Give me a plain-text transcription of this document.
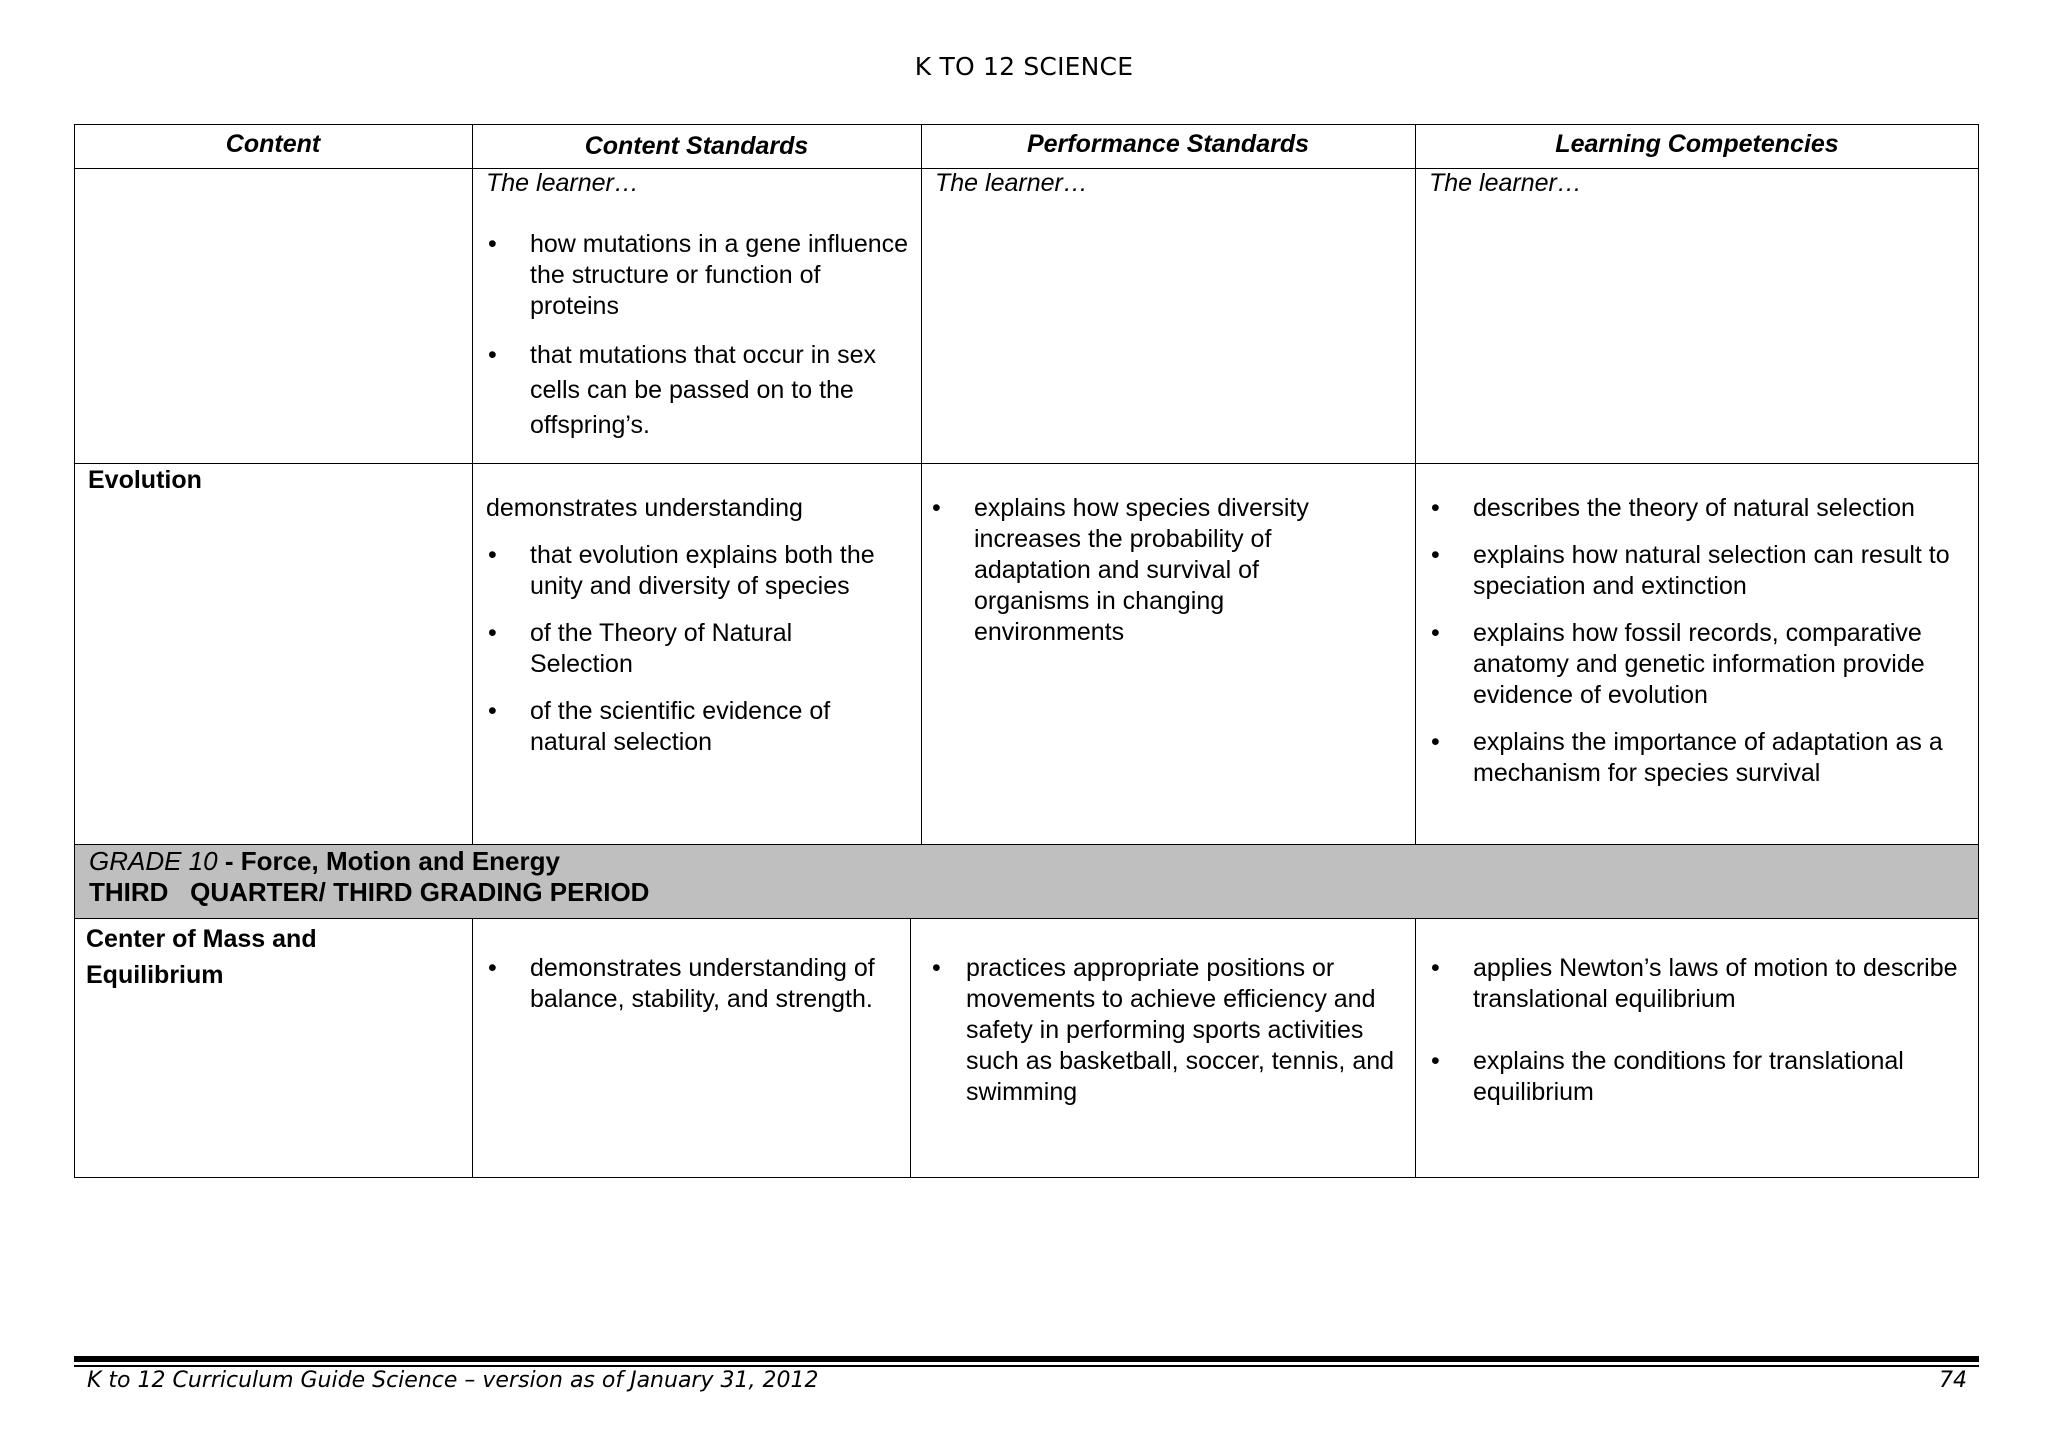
K TO 12 SCIENCE
Content	Content Standards	Performance Standards	Learning Competencies
The learner…
• how mutations in a gene influence the structure or function of proteins
• that mutations that occur in sex cells can be passed on to the offspring’s.
The learner…	The learner…
Evolution
demonstrates understanding
• that evolution explains both the unity and diversity of species
• of the Theory of Natural Selection
• of the scientific evidence of natural selection
• explains how species diversity increases the probability of adaptation and survival of organisms in changing environments
• describes the theory of natural selection
• explains how natural selection can result to speciation and extinction
• explains how fossil records, comparative anatomy and genetic information provide evidence of evolution
• explains the importance of adaptation as a mechanism for species survival
GRADE 10 - Force, Motion and Energy
THIRD   QUARTER/ THIRD GRADING PERIOD
Center of Mass and Equilibrium
•	demonstrates understanding of balance, stability, and strength.
• practices appropriate positions or movements to achieve efficiency and safety in performing sports activities such as basketball, soccer, tennis, and swimming
• applies Newton’s laws of motion to describe translational equilibrium
• explains the conditions for translational equilibrium
K to 12 Curriculum Guide Science – version as of January 31, 2012	74
